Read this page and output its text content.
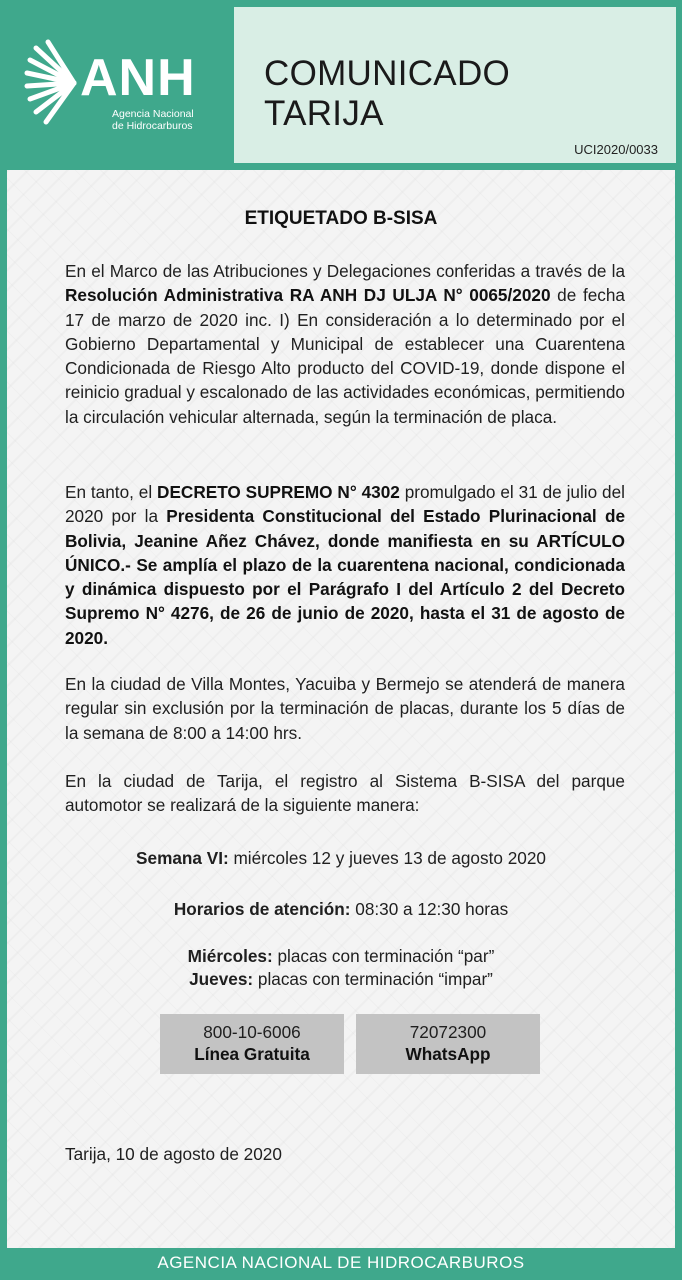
ANH
Agencia Nacional
de Hidrocarburos
COMUNICADO
TARIJA
UCI2020/0033
ETIQUETADO B-SISA
En el Marco de las Atribuciones y Delegaciones conferidas a través de la Resolución Administrativa RA ANH DJ ULJA N° 0065/2020 de fecha 17 de marzo de 2020 inc. I) En consideración a lo determinado por el Gobierno Departamental y Municipal de establecer una Cuarentena Condicionada de Riesgo Alto producto del COVID-19, donde dispone el reinicio gradual y escalonado de las actividades económicas, permitiendo la circulación vehicular alternada, según la terminación de placa.
En tanto, el DECRETO SUPREMO N° 4302 promulgado el 31 de julio del 2020 por la Presidenta Constitucional del Estado Plurinacional de Bolivia, Jeanine Añez Chávez, donde manifiesta en su ARTÍCULO ÚNICO.- Se amplía el plazo de la cuarentena nacional, condicionada y dinámica dispuesto por el Parágrafo I del Artículo 2 del Decreto Supremo N° 4276, de 26 de junio de 2020, hasta el 31 de agosto de 2020.
En la ciudad de Villa Montes, Yacuiba y Bermejo se atenderá de manera regular sin exclusión por la terminación de placas, durante los 5 días de la semana de 8:00 a 14:00 hrs.
En la ciudad de Tarija, el registro al Sistema B-SISA del parque automotor se realizará de la siguiente manera:
Semana VI: miércoles 12 y jueves 13 de agosto 2020
Horarios de atención: 08:30 a 12:30 horas
Miércoles: placas con terminación “par”
Jueves: placas con terminación “impar”
800-10-6006
Línea Gratuita
72072300
WhatsApp
Tarija, 10 de agosto de 2020
AGENCIA NACIONAL DE HIDROCARBUROS
